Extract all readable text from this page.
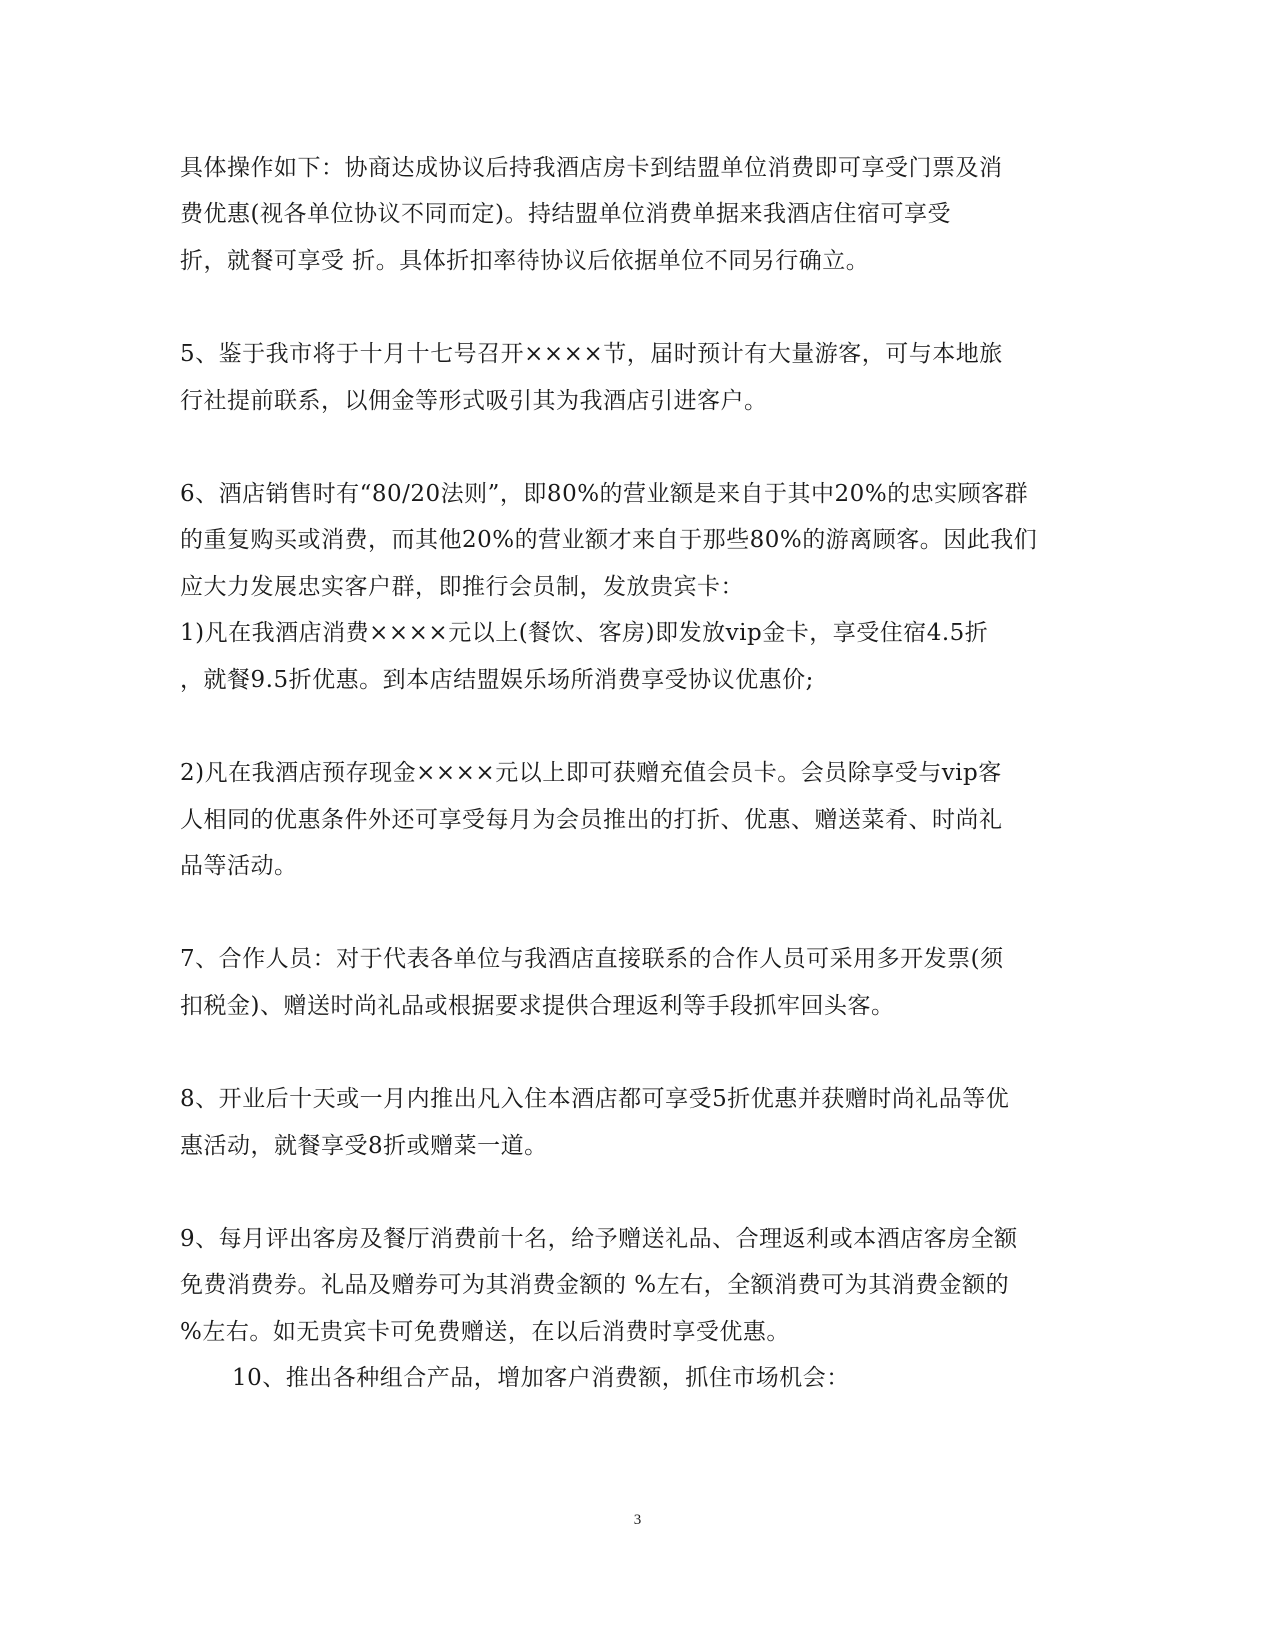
具体操作如下：协商达成协议后持我酒店房卡到结盟单位消费即可享受门票及消
费优惠(视各单位协议不同而定)。持结盟单位消费单据来我酒店住宿可享受
折，就餐可享受 折。具体折扣率待协议后依据单位不同另行确立。
5、鉴于我市将于十月十七号召开××××节，届时预计有大量游客，可与本地旅
行社提前联系，以佣金等形式吸引其为我酒店引进客户。
6、酒店销售时有“80/20法则”，即80%的营业额是来自于其中20%的忠实顾客群
的重复购买或消费，而其他20%的营业额才来自于那些80%的游离顾客。因此我们
应大力发展忠实客户群，即推行会员制，发放贵宾卡：
1)凡在我酒店消费××××元以上(餐饮、客房)即发放vip金卡，享受住宿4.5折
，就餐9.5折优惠。到本店结盟娱乐场所消费享受协议优惠价;
2)凡在我酒店预存现金××××元以上即可获赠充值会员卡。会员除享受与vip客
人相同的优惠条件外还可享受每月为会员推出的打折、优惠、赠送菜肴、时尚礼
品等活动。
7、合作人员：对于代表各单位与我酒店直接联系的合作人员可采用多开发票(须
扣税金)、赠送时尚礼品或根据要求提供合理返利等手段抓牢回头客。
8、开业后十天或一月内推出凡入住本酒店都可享受5折优惠并获赠时尚礼品等优
惠活动，就餐享受8折或赠菜一道。
9、每月评出客房及餐厅消费前十名，给予赠送礼品、合理返利或本酒店客房全额
免费消费券。礼品及赠券可为其消费金额的 %左右，全额消费可为其消费金额的
%左右。如无贵宾卡可免费赠送，在以后消费时享受优惠。
10、推出各种组合产品，增加客户消费额，抓住市场机会：
3
